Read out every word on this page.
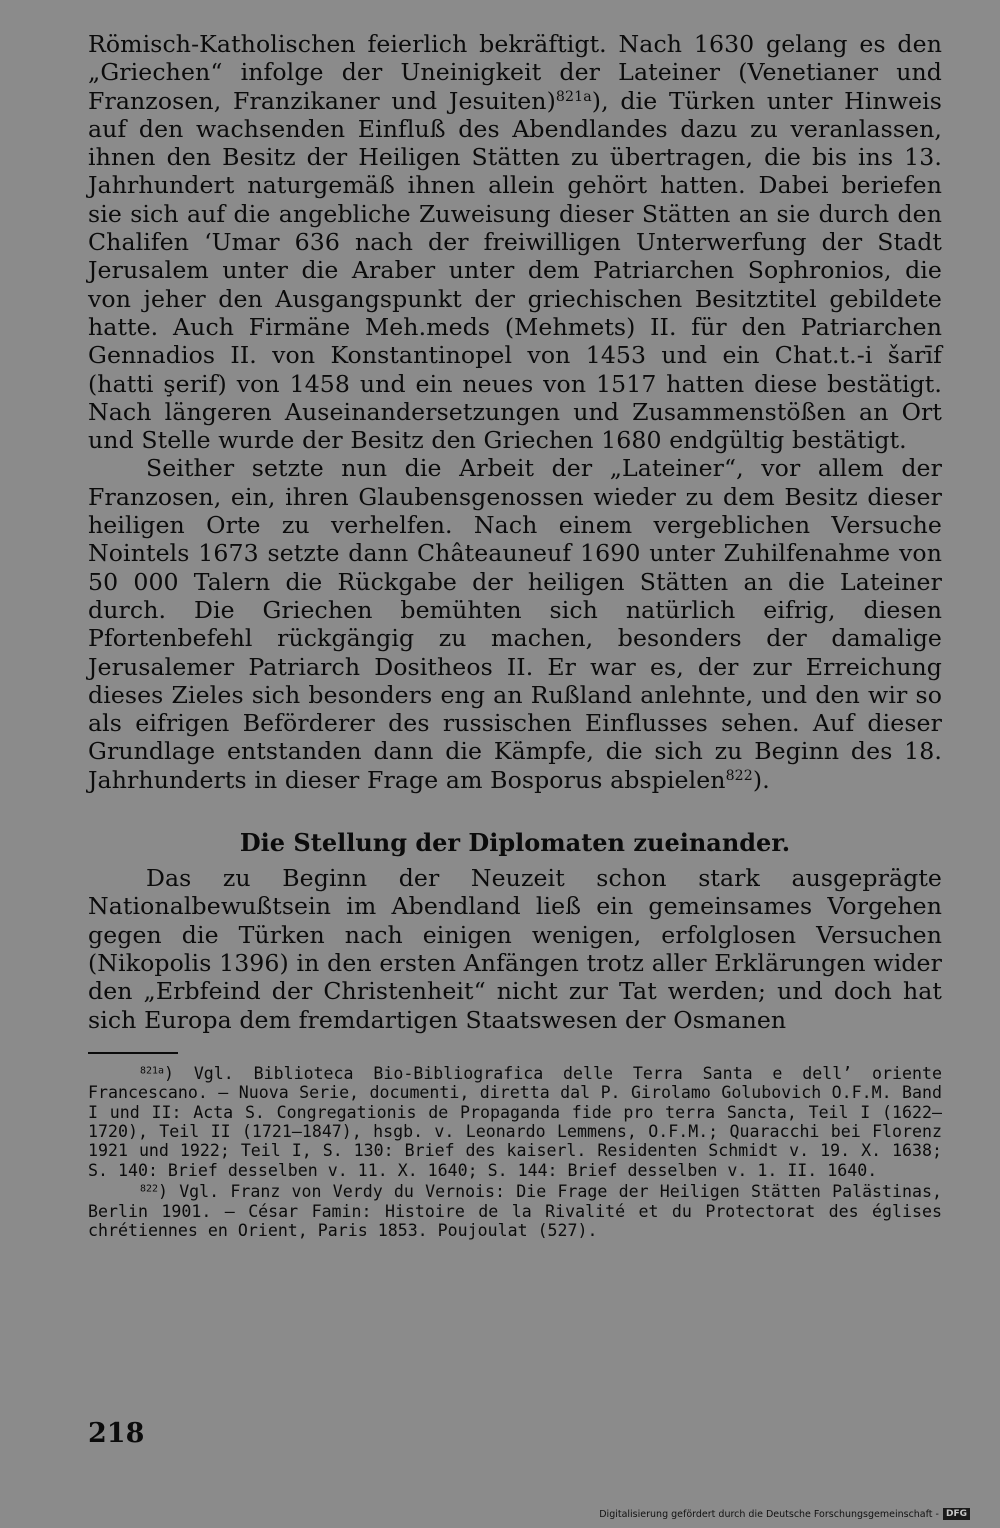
Römisch-Katholischen feierlich bekräftigt. Nach 1630 gelang es den „Griechen“ infolge der Uneinigkeit der Lateiner (Venetianer und Franzosen, Franzikaner und Jesuiten)$^{821a}$), die Türken unter Hinweis auf den wachsenden Einfluß des Abendlandes dazu zu veranlassen, ihnen den Besitz der Heiligen Stätten zu übertragen, die bis ins 13. Jahrhundert naturgemäß ihnen allein gehört hatten. Dabei beriefen sie sich auf die angebliche Zuweisung dieser Stätten an sie durch den Chalifen ‘Umar 636 nach der freiwilligen Unterwerfung der Stadt Jerusalem unter die Araber unter dem Patriarchen Sophronios, die von jeher den Ausgangspunkt der griechischen Besitztitel gebildete hatte. Auch Firmäne Meh.meds (Mehmets) II. für den Patriarchen Gennadios II. von Konstantinopel von 1453 und ein Chat.t.-i šarīf (hatti şerif) von 1458 und ein neues von 1517 hatten diese bestätigt. Nach längeren Auseinandersetzungen und Zusammenstößen an Ort und Stelle wurde der Besitz den Griechen 1680 endgültig bestätigt.

Seither setzte nun die Arbeit der „Lateiner“, vor allem der Franzosen, ein, ihren Glaubensgenossen wieder zu dem Besitz dieser heiligen Orte zu verhelfen. Nach einem vergeblichen Versuche Nointels 1673 setzte dann Châteauneuf 1690 unter Zuhilfenahme von 50 000 Talern die Rückgabe der heiligen Stätten an die Lateiner durch. Die Griechen bemühten sich natürlich eifrig, diesen Pfortenbefehl rückgängig zu machen, besonders der damalige Jerusalemer Patriarch Dositheos II. Er war es, der zur Erreichung dieses Zieles sich besonders eng an Rußland anlehnte, und den wir so als eifrigen Beförderer des russischen Einflusses sehen. Auf dieser Grundlage entstanden dann die Kämpfe, die sich zu Beginn des 18. Jahrhunderts in dieser Frage am Bosporus abspielen$^{822}$).

Die Stellung der Diplomaten zueinander.

Das zu Beginn der Neuzeit schon stark ausgeprägte Nationalbewußtsein im Abendland ließ ein gemeinsames Vorgehen gegen die Türken nach einigen wenigen, erfolglosen Versuchen (Nikopolis 1396) in den ersten Anfängen trotz aller Erklärungen wider den „Erbfeind der Christenheit“ nicht zur Tat werden; und doch hat sich Europa dem fremdartigen Staatswesen der Osmanen

$^{821a}$) Vgl. Biblioteca Bio-Bibliografica delle Terra Santa e dell’ oriente Francescano. — Nuova Serie, documenti, diretta dal P. Girolamo Golubovich O.F.M. Band I und II: Acta S. Congregationis de Propaganda fide pro terra Sancta, Teil I (1622—1720), Teil II (1721—1847), hsgb. v. Leonardo Lemmens, O.F.M.; Quaracchi bei Florenz 1921 und 1922; Teil I, S. 130: Brief des kaiserl. Residenten Schmidt v. 19. X. 1638; S. 140: Brief desselben v. 11. X. 1640; S. 144: Brief desselben v. 1. II. 1640.

$^{822}$) Vgl. Franz von Verdy du Vernois: Die Frage der Heiligen Stätten Palästinas, Berlin 1901. — César Famin: Histoire de la Rivalité et du Protectorat des églises chrétiennes en Orient, Paris 1853. Poujoulat (527).

218
Digitalisierung gefördert durch die Deutsche Forschungsgemeinschaft - DFG
